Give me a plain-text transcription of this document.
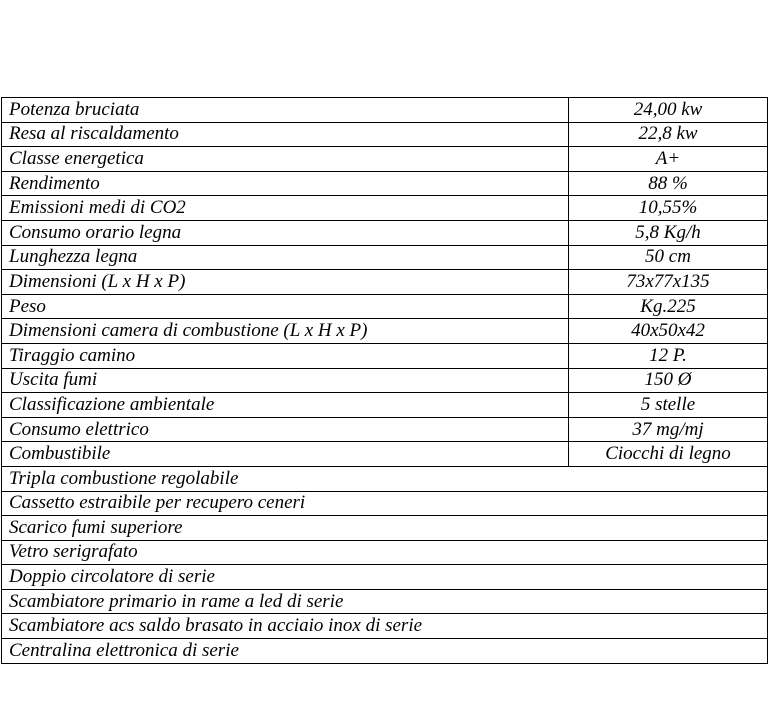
Potenza bruciata	24,00 kw
Resa al riscaldamento	22,8 kw
Classe energetica	A+
Rendimento	88 %
Emissioni medi di CO2	10,55%
Consumo orario legna	5,8 Kg/h
Lunghezza legna	50 cm
Dimensioni (L x H x P)	73x77x135
Peso	Kg.225
Dimensioni camera di combustione (L x H x P)	40x50x42
Tiraggio camino	12 P.
Uscita fumi	150 Ø
Classificazione ambientale	5 stelle
Consumo elettrico	37 mg/mj
Combustibile	Ciocchi di legno
Tripla combustione regolabile	
Cassetto estraibile per recupero ceneri	
Scarico fumi superiore	
Vetro serigrafato	
Doppio circolatore di serie	
Scambiatore primario in rame a led di serie	
Scambiatore acs saldo brasato in acciaio inox di serie	
Centralina elettronica di serie	
